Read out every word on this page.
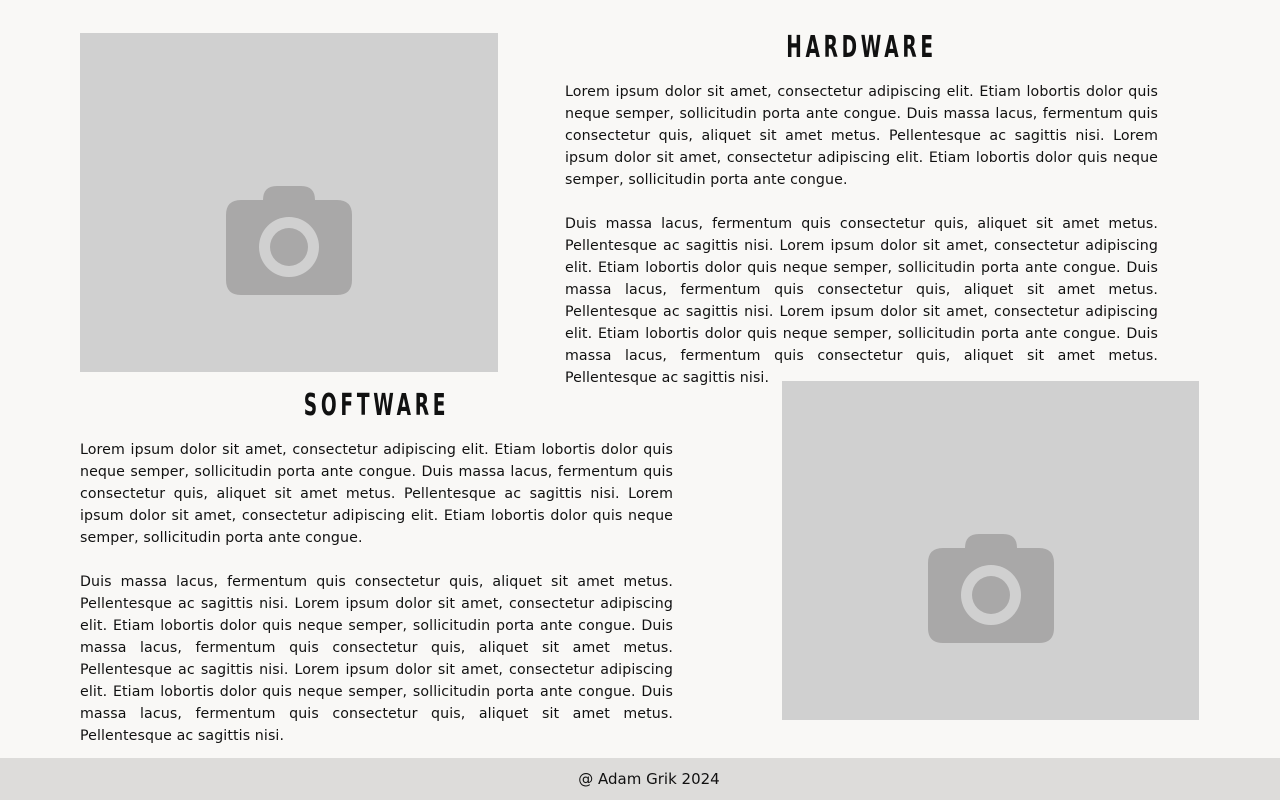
HARDWARE

Lorem ipsum dolor sit amet, consectetur adipiscing elit. Etiam lobortis dolor quis neque semper, sollicitudin porta ante congue. Duis massa lacus, fermentum quis consectetur quis, aliquet sit amet metus. Pellentesque ac sagittis nisi. Lorem ipsum dolor sit amet, consectetur adipiscing elit. Etiam lobortis dolor quis neque semper, sollicitudin porta ante congue.

Duis massa lacus, fermentum quis consectetur quis, aliquet sit amet metus. Pellentesque ac sagittis nisi. Lorem ipsum dolor sit amet, consectetur adipiscing elit. Etiam lobortis dolor quis neque semper, sollicitudin porta ante congue. Duis massa lacus, fermentum quis consectetur quis, aliquet sit amet metus. Pellentesque ac sagittis nisi. Lorem ipsum dolor sit amet, consectetur adipiscing elit. Etiam lobortis dolor quis neque semper, sollicitudin porta ante congue. Duis massa lacus, fermentum quis consectetur quis, aliquet sit amet metus. Pellentesque ac sagittis nisi.

SOFTWARE

Lorem ipsum dolor sit amet, consectetur adipiscing elit. Etiam lobortis dolor quis neque semper, sollicitudin porta ante congue. Duis massa lacus, fermentum quis consectetur quis, aliquet sit amet metus. Pellentesque ac sagittis nisi. Lorem ipsum dolor sit amet, consectetur adipiscing elit. Etiam lobortis dolor quis neque semper, sollicitudin porta ante congue.

Duis massa lacus, fermentum quis consectetur quis, aliquet sit amet metus. Pellentesque ac sagittis nisi. Lorem ipsum dolor sit amet, consectetur adipiscing elit. Etiam lobortis dolor quis neque semper, sollicitudin porta ante congue. Duis massa lacus, fermentum quis consectetur quis, aliquet sit amet metus. Pellentesque ac sagittis nisi. Lorem ipsum dolor sit amet, consectetur adipiscing elit. Etiam lobortis dolor quis neque semper, sollicitudin porta ante congue. Duis massa lacus, fermentum quis consectetur quis, aliquet sit amet metus. Pellentesque ac sagittis nisi.

@ Adam Grik 2024
